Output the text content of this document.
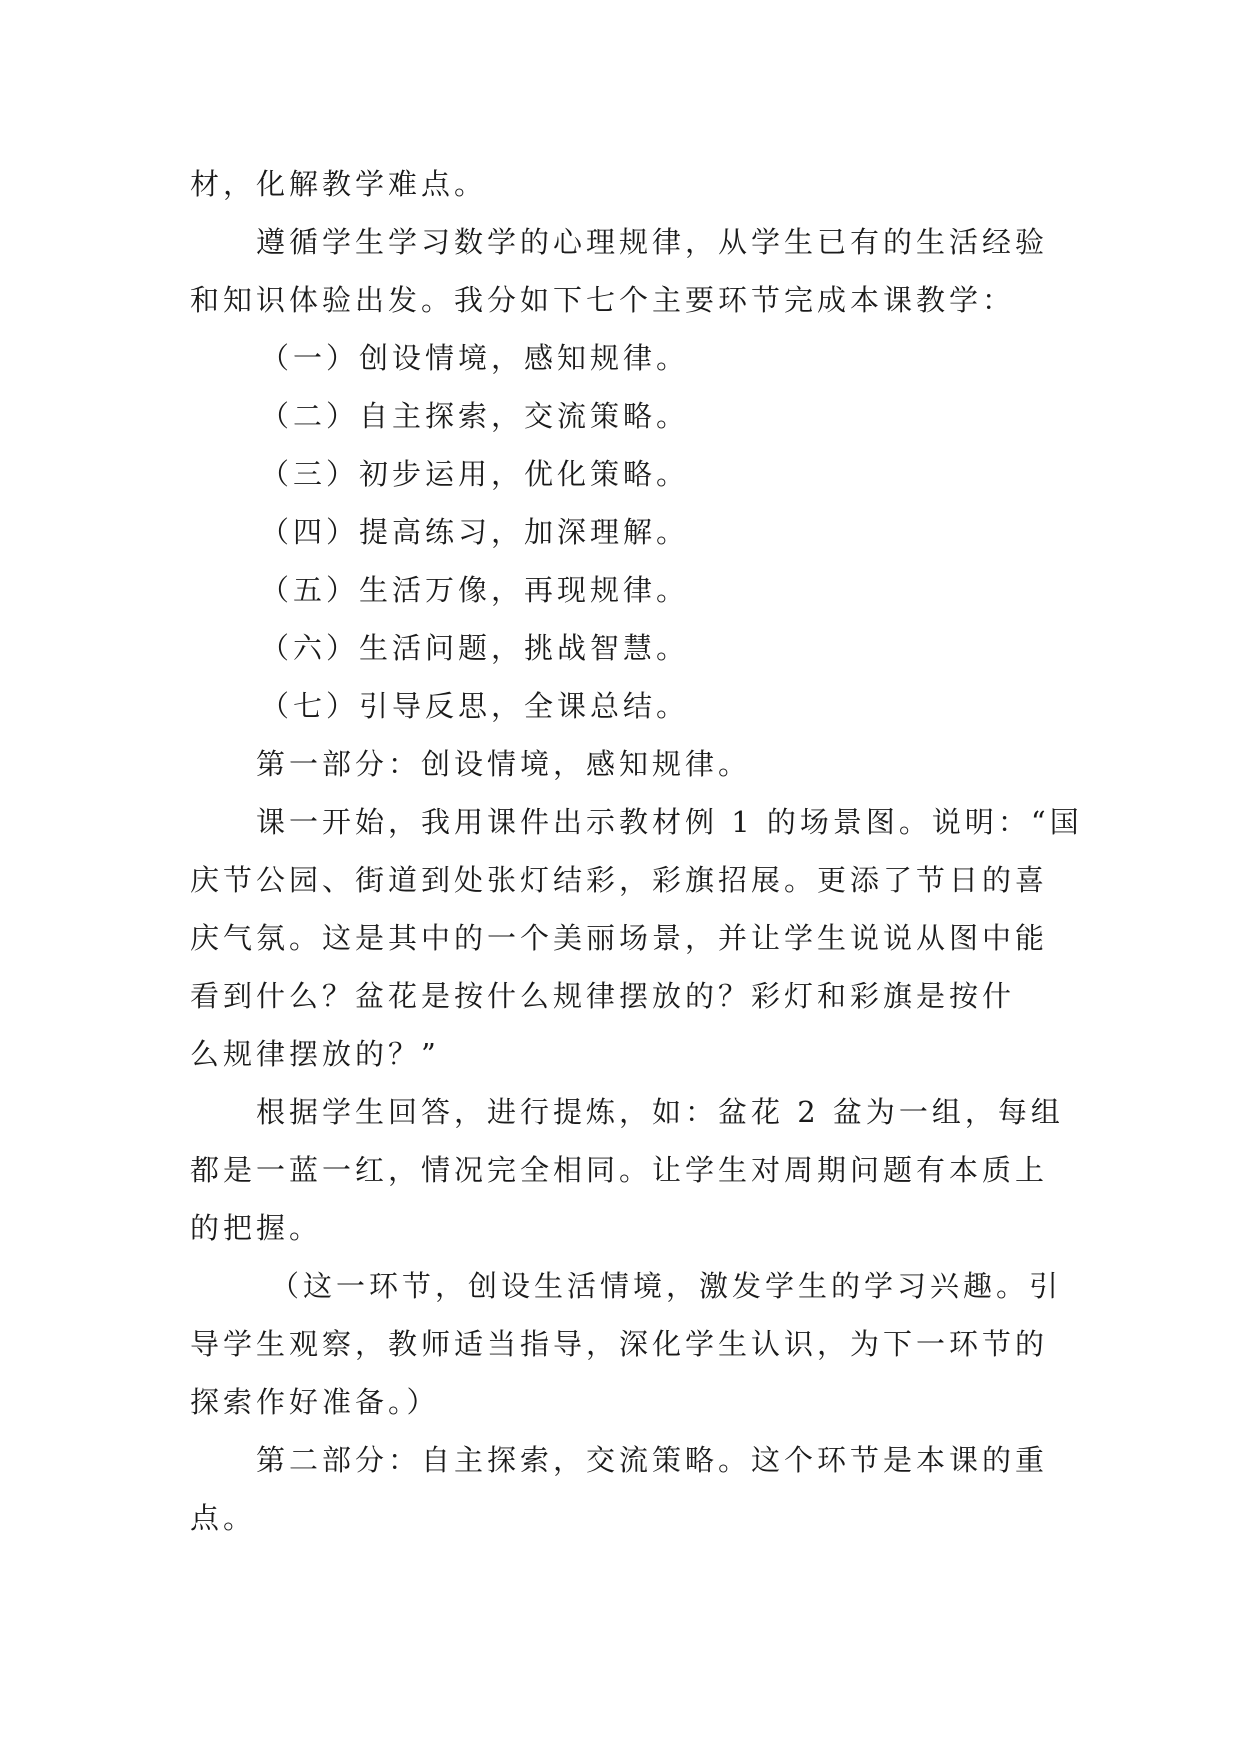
材，化解教学难点。
遵循学生学习数学的心理规律，从学生已有的生活经验
和知识体验出发。我分如下七个主要环节完成本课教学：
（一）创设情境，感知规律。
（二）自主探索，交流策略。
（三）初步运用，优化策略。
（四）提高练习，加深理解。
（五）生活万像，再现规律。
（六）生活问题，挑战智慧。
（七）引导反思，全课总结。
第一部分：创设情境，感知规律。
课一开始，我用课件出示教材例 1 的场景图。说明：“国
庆节公园、街道到处张灯结彩，彩旗招展。更添了节日的喜
庆气氛。这是其中的一个美丽场景，并让学生说说从图中能
看到什么？盆花是按什么规律摆放的？彩灯和彩旗是按什
么规律摆放的？”
根据学生回答，进行提炼，如：盆花 2 盆为一组，每组
都是一蓝一红，情况完全相同。让学生对周期问题有本质上
的把握。
（这一环节，创设生活情境，激发学生的学习兴趣。引
导学生观察，教师适当指导，深化学生认识，为下一环节的
探索作好准备。）
第二部分：自主探索，交流策略。这个环节是本课的重
点。
